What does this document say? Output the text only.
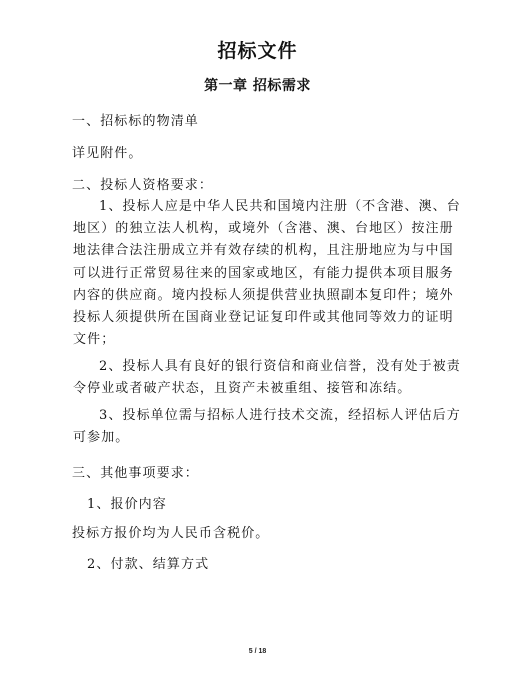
招标文件
第一章 招标需求
一、招标标的物清单
详见附件。
二、投标人资格要求：
1、投标人应是中华人民共和国境内注册（不含港、澳、台
地区）的独立法人机构，或境外（含港、澳、台地区）按注册
地法律合法注册成立并有效存续的机构，且注册地应为与中国
可以进行正常贸易往来的国家或地区，有能力提供本项目服务
内容的供应商。境内投标人须提供营业执照副本复印件；境外
投标人须提供所在国商业登记证复印件或其他同等效力的证明
文件；
2、投标人具有良好的银行资信和商业信誉，没有处于被责
令停业或者破产状态，且资产未被重组、接管和冻结。
3、投标单位需与招标人进行技术交流，经招标人评估后方
可参加。
三、其他事项要求：
1、报价内容
投标方报价均为人民币含税价。
2、付款、结算方式
5 / 18
